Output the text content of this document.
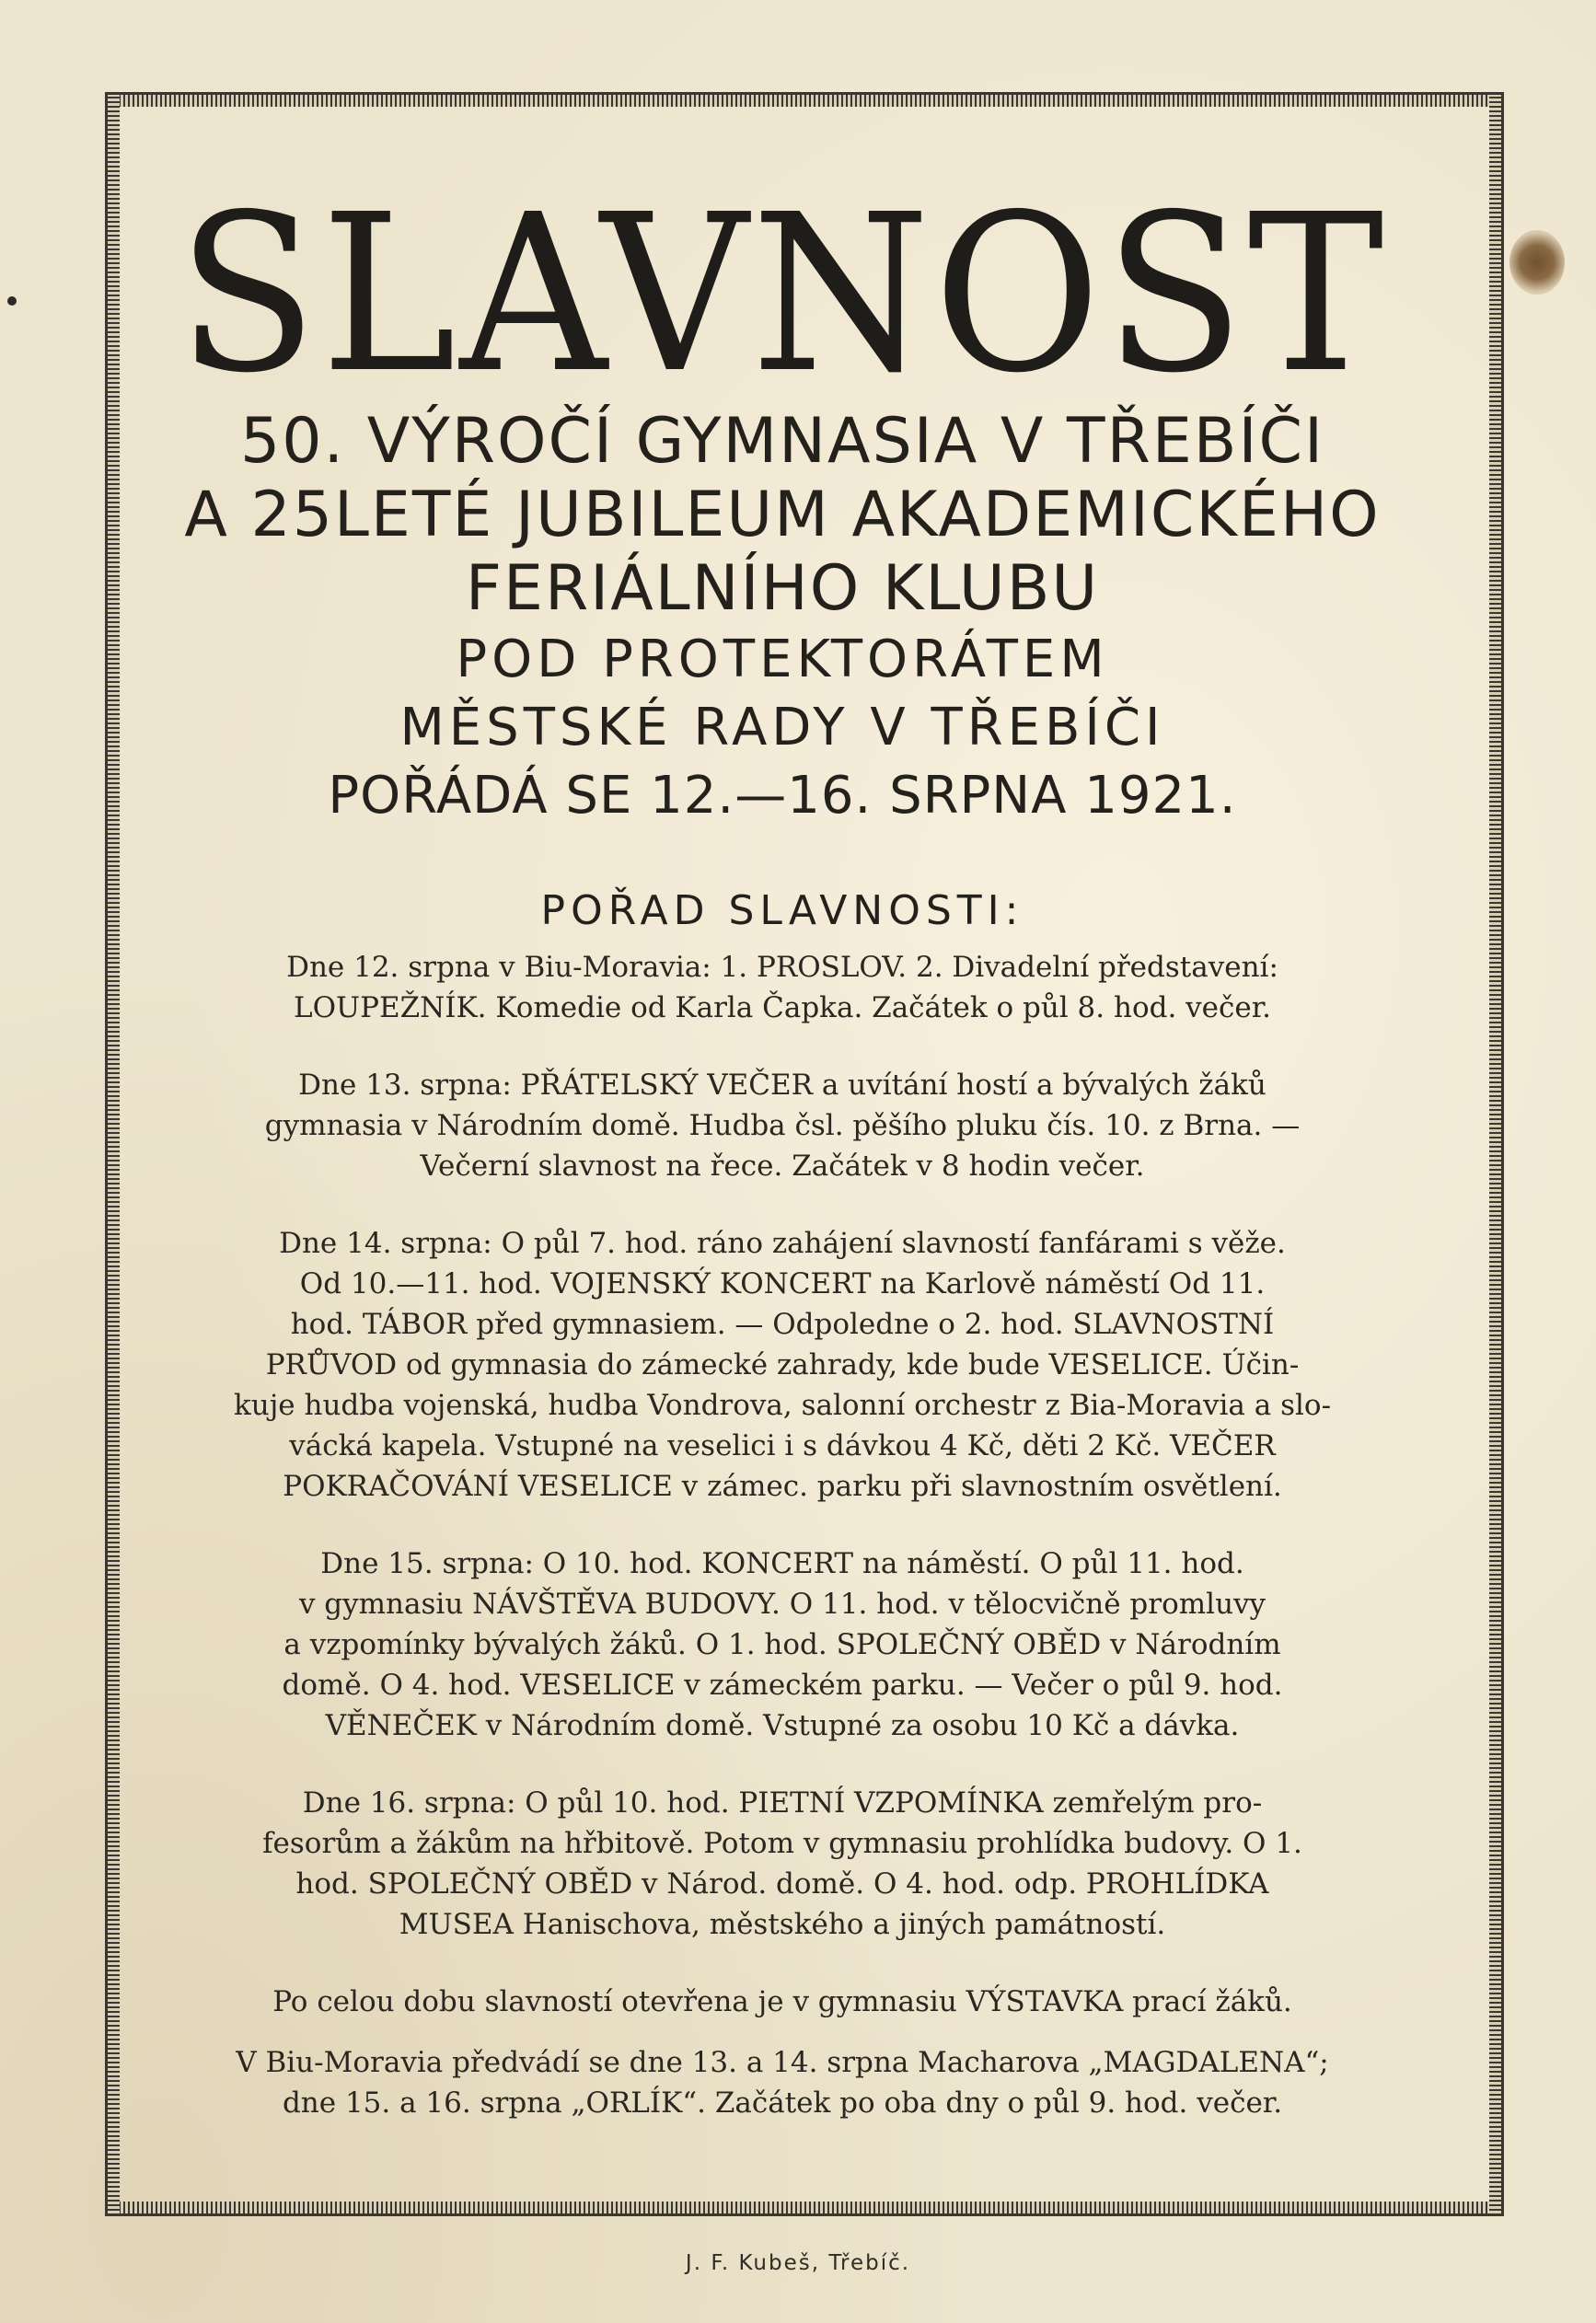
SLAVNOST

50. VÝROČÍ GYMNASIA V TŘEBÍČI

A 25LETÉ JUBILEUM AKADEMICKÉHO

FERIÁLNÍHO KLUBU

POD PROTEKTORÁTEM

MĚSTSKÉ RADY V TŘEBÍČI

POŘÁDÁ SE 12.—16. SRPNA 1921.

POŘAD SLAVNOSTI:
Dne 12. srpna v Biu-Moravia: 1. PROSLOV. 2. Divadelní představení:
LOUPEŽNÍK. Komedie od Karla Čapka. Začátek o půl 8. hod. večer.
Dne 13. srpna: PŘÁTELSKÝ VEČER a uvítání hostí a bývalých žáků
gymnasia v Národním domě. Hudba čsl. pěšího pluku čís. 10. z Brna. —
Večerní slavnost na řece. Začátek v 8 hodin večer.
Dne 14. srpna: O půl 7. hod. ráno zahájení slavností fanfárami s věže.
Od 10.—11. hod. VOJENSKÝ KONCERT na Karlově náměstí Od 11.
hod. TÁBOR před gymnasiem. — Odpoledne o 2. hod. SLAVNOSTNÍ
PRŮVOD od gymnasia do zámecké zahrady, kde bude VESELICE. Účin-
kuje hudba vojenská, hudba Vondrova, salonní orchestr z Bia-Moravia a slo-
vácká kapela. Vstupné na veselici i s dávkou 4 Kč, děti 2 Kč. VEČER
POKRAČOVÁNÍ VESELICE v zámec. parku při slavnostním osvětlení.
Dne 15. srpna: O 10. hod. KONCERT na náměstí. O půl 11. hod.
v gymnasiu NÁVŠTĚVA BUDOVY. O 11. hod. v tělocvičně promluvy
a vzpomínky bývalých žáků. O 1. hod. SPOLEČNÝ OBĚD v Národním
domě. O 4. hod. VESELICE v zámeckém parku. — Večer o půl 9. hod.
VĚNEČEK v Národním domě. Vstupné za osobu 10 Kč a dávka.
Dne 16. srpna: O půl 10. hod. PIETNÍ VZPOMÍNKA zemřelým pro-
fesorům a žákům na hřbitově. Potom v gymnasiu prohlídka budovy. O 1.
hod. SPOLEČNÝ OBĚD v Národ. domě. O 4. hod. odp. PROHLÍDKA
MUSEA Hanischova, městského a jiných památností.
Po celou dobu slavností otevřena je v gymnasiu VÝSTAVKA prací žáků.
V Biu-Moravia předvádí se dne 13. a 14. srpna Macharova „MAGDALENA“;
dne 15. a 16. srpna „ORLÍK“. Začátek po oba dny o půl 9. hod. večer.
J. F. Kubeš, Třebíč.
